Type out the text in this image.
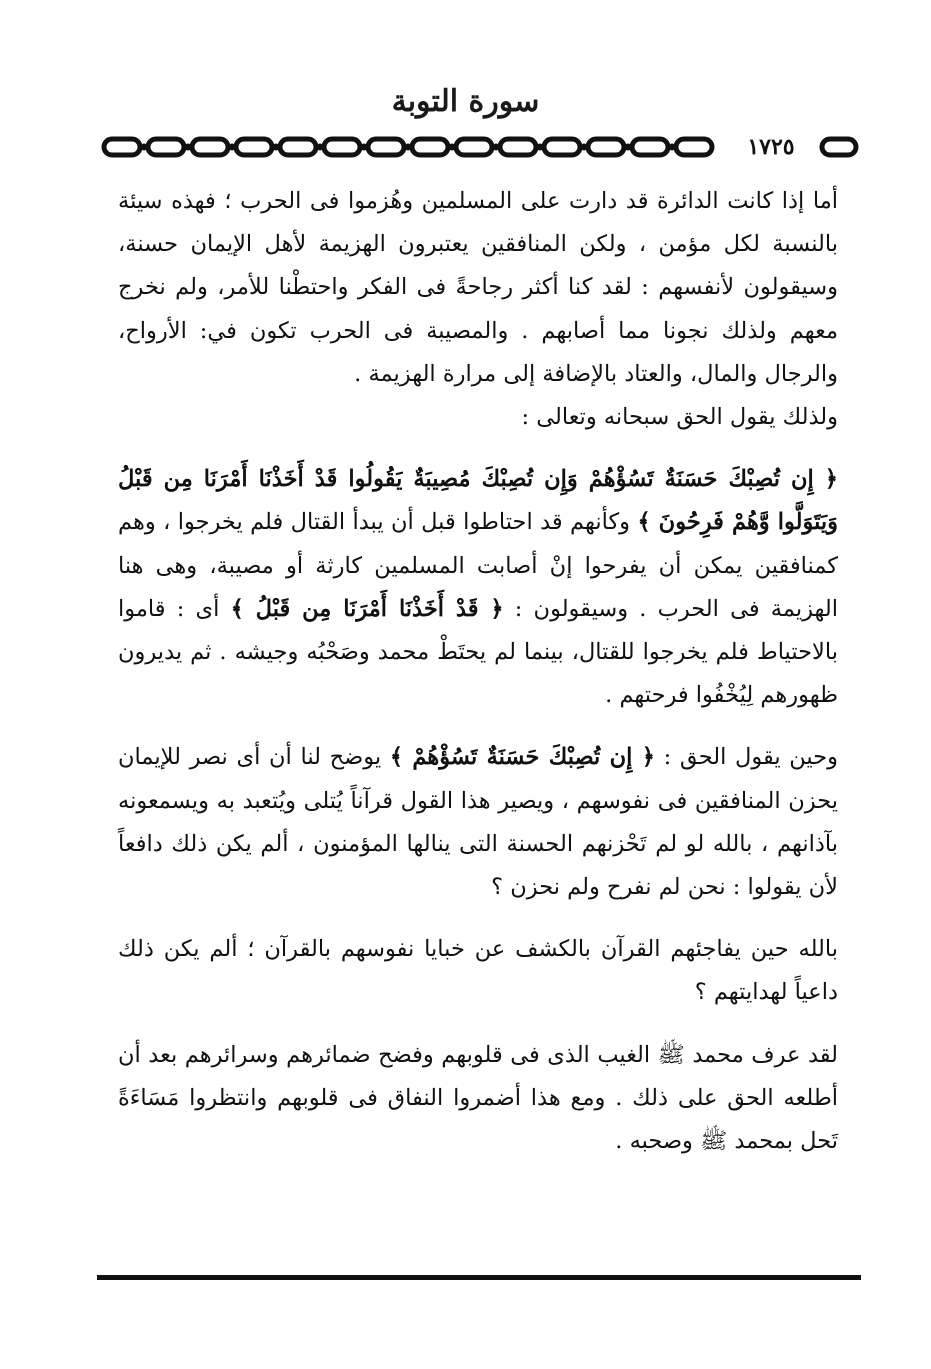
سورة التوبة
١٧٢٥

أما إذا كانت الدائرة قد دارت على المسلمين وهُزموا فى الحرب ؛ فهذه سيئة بالنسبة لكل مؤمن ، ولكن المنافقين يعتبرون الهزيمة لأهل الإيمان حسنة، وسيقولون لأنفسهم : لقد كنا أكثر رجاحةً فى الفكر واحتطْنا للأمر، ولم نخرج معهم ولذلك نجونا مما أصابهم . والمصيبة فى الحرب تكون في: الأرواح، والرجال والمال، والعتاد بالإضافة إلى مرارة الهزيمة .
ولذلك يقول الحق سبحانه وتعالى :

﴿ إِن تُصِبْكَ حَسَنَةٌ تَسُؤْهُمْ وَإِن تُصِبْكَ مُصِيبَةٌ يَقُولُوا قَدْ أَخَذْنَا أَمْرَنَا مِن قَبْلُ وَيَتَوَلَّوا وَّهُمْ فَرِحُونَ ﴾ وكأنهم قد احتاطوا قبل أن يبدأ القتال فلم يخرجوا ، وهم كمنافقين يمكن أن يفرحوا إنْ أصابت المسلمين كارثة أو مصيبة، وهى هنا الهزيمة فى الحرب . وسيقولون : ﴿ قَدْ أَخَذْنَا أَمْرَنَا مِن قَبْلُ ﴾ أى : قاموا بالاحتياط فلم يخرجوا للقتال، بينما لم يحتَطْ محمد وصَحْبُه وجيشه . ثم يديرون ظهورهم لِيُخْفُوا فرحتهم .

وحين يقول الحق : ﴿ إِن تُصِبْكَ حَسَنَةٌ تَسُؤْهُمْ ﴾ يوضح لنا أن أى نصر للإيمان يحزن المنافقين فى نفوسهم ، ويصير هذا القول قرآناً يُتلى ويُتعبد به ويسمعونه بآذانهم ، بالله لو لم تَحْزنهم الحسنة التى ينالها المؤمنون ، ألم يكن ذلك دافعاً لأن يقولوا : نحن لم نفرح ولم نحزن ؟

بالله حين يفاجئهم القرآن بالكشف عن خبايا نفوسهم بالقرآن ؛ ألم يكن ذلك داعياً لهدايتهم ؟

لقد عرف محمد ﷺ الغيب الذى فى قلوبهم وفضح ضمائرهم وسرائرهم بعد أن أطلعه الحق على ذلك . ومع هذا أضمروا النفاق فى قلوبهم وانتظروا مَسَاءَةً تَحل بمحمد ﷺ وصحبه .
